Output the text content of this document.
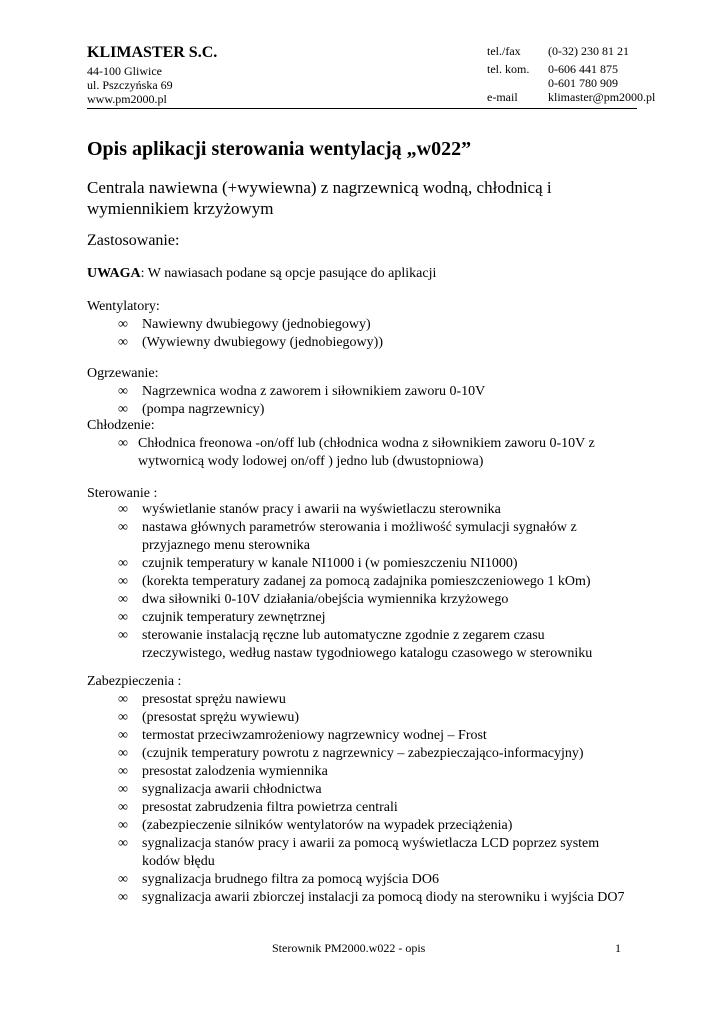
KLIMASTER S.C.
44-100 Gliwice
ul. Pszczyńska 69
www.pm2000.pl
tel./fax (0-32) 230 81 21
tel. kom. 0-606 441 875
0-601 780 909
e-mail	klimaster@pm2000.pl
Opis aplikacji sterowania wentylacją „w022”
Centrala nawiewna (+wywiewna) z nagrzewnicą wodną, chłodnicą i wymiennikiem krzyżowym
Zastosowanie:
UWAGA: W nawiasach podane są opcje pasujące do aplikacji
Wentylatory:
∞ Nawiewny dwubiegowy (jednobiegowy)
∞ (Wywiewny dwubiegowy (jednobiegowy))
Ogrzewanie:
∞ Nagrzewnica wodna z zaworem i siłownikiem zaworu 0-10V
∞ (pompa nagrzewnicy)
Chłodzenie:
∞ Chłodnica freonowa -on/off lub (chłodnica wodna z siłownikiem zaworu 0-10V z wytwornicą wody lodowej on/off ) jedno lub (dwustopniowa)
Sterowanie :
∞ wyświetlanie stanów pracy i awarii na wyświetlaczu sterownika
∞ nastawa głównych parametrów sterowania i możliwość symulacji sygnałów z przyjaznego menu sterownika
∞ czujnik temperatury w kanale NI1000 i (w pomieszczeniu NI1000)
∞ (korekta temperatury zadanej za pomocą zadajnika pomieszczeniowego 1 kOm)
∞ dwa siłowniki 0-10V działania/obejścia wymiennika krzyżowego
∞ czujnik temperatury zewnętrznej
∞ sterowanie instalacją ręczne lub automatyczne zgodnie z zegarem czasu rzeczywistego, według nastaw tygodniowego katalogu czasowego w sterowniku
Zabezpieczenia :
∞ presostat sprężu nawiewu
∞ (presostat sprężu wywiewu)
∞ termostat przeciwzamrożeniowy nagrzewnicy wodnej – Frost
∞ (czujnik temperatury powrotu z nagrzewnicy – zabezpieczająco-informacyjny)
∞ presostat zalodzenia wymiennika
∞ sygnalizacja awarii chłodnictwa
∞ presostat zabrudzenia filtra powietrza centrali
∞ (zabezpieczenie silników wentylatorów na wypadek przeciążenia)
∞ sygnalizacja stanów pracy i awarii za pomocą wyświetlacza LCD poprzez system kodów błędu
∞ sygnalizacja brudnego filtra za pomocą wyjścia DO6
∞ sygnalizacja awarii zbiorczej instalacji za pomocą diody na sterowniku i wyjścia DO7
Sterownik PM2000.w022 - opis	1
